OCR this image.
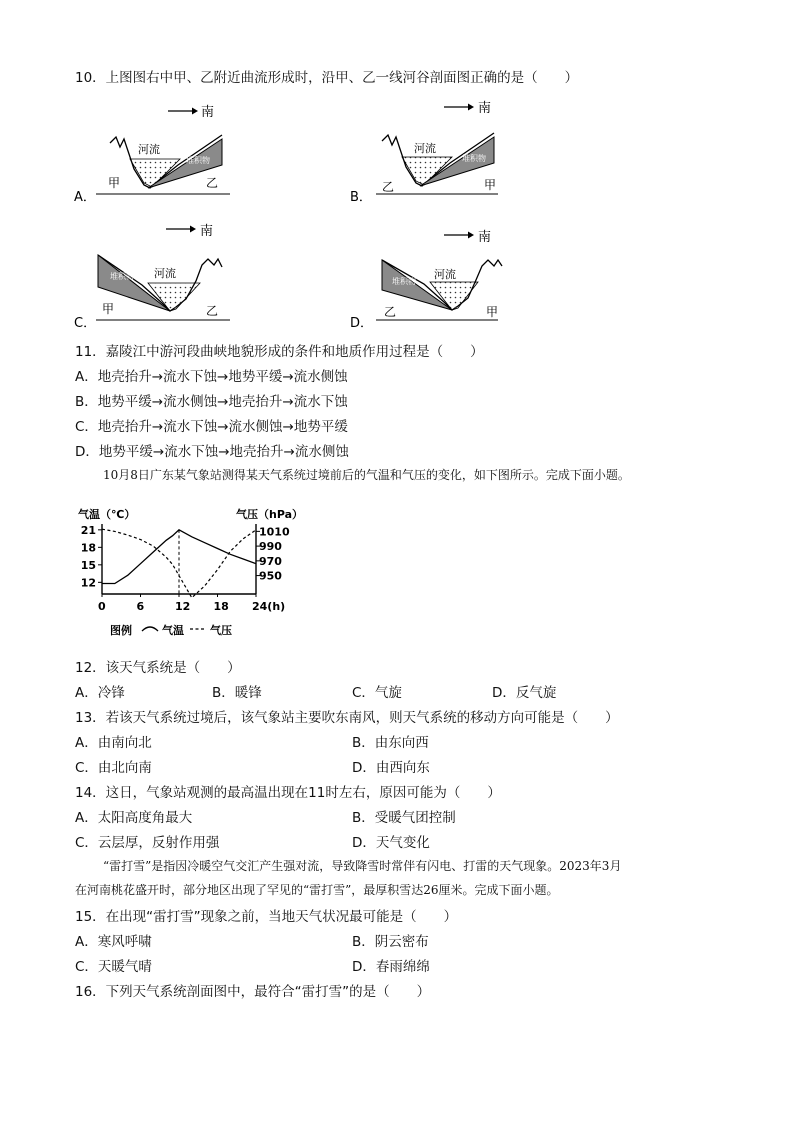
10．上图图右中甲、乙附近曲流形成时，沿甲、乙一线河谷剖面图正确的是（　　）
A．
南
河流
堆积物
甲	乙
B．
南
河流
堆积物
乙	甲
C．
南
河流
堆积物
甲	乙
D．
南
河流
堆积物
乙	甲
11．嘉陵江中游河段曲峡地貌形成的条件和地质作用过程是（　　）
A．地壳抬升→流水下蚀→地势平缓→流水侧蚀
B．地势平缓→流水侧蚀→地壳抬升→流水下蚀
C．地壳抬升→流水下蚀→流水侧蚀→地势平缓
D．地势平缓→流水下蚀→地壳抬升→流水侧蚀
10月8日广东某气象站测得某天气系统过境前后的气温和气压的变化，如下图所示。完成下面小题。
气温（℃）	气压（hPa）
21
18
15
12
1010
990
970
950
0	6	12 18 24(h)
图例	气温 气压
12．该天气系统是（　　）
A．冷锋	B．暖锋	C．气旋	D．反气旋
13．若该天气系统过境后，该气象站主要吹东南风，则天气系统的移动方向可能是（　　）
A．由南向北	B．由东向西
C．由北向南	D．由西向东
14．这日，气象站观测的最高温出现在11时左右，原因可能为（　　）
A．太阳高度角最大	B．受暖气团控制
C．云层厚，反射作用强	D．天气变化
“雷打雪”是指因冷暖空气交汇产生强对流，导致降雪时常伴有闪电、打雷的天气现象。2023年3月
在河南桃花盛开时，部分地区出现了罕见的“雷打雪”，最厚积雪达26厘米。完成下面小题。
15．在出现“雷打雪”现象之前，当地天气状况最可能是（　　）
A．寒风呼啸	B．阴云密布
C．天暖气晴	D．春雨绵绵
16．下列天气系统剖面图中，最符合“雷打雪”的是（　　）
